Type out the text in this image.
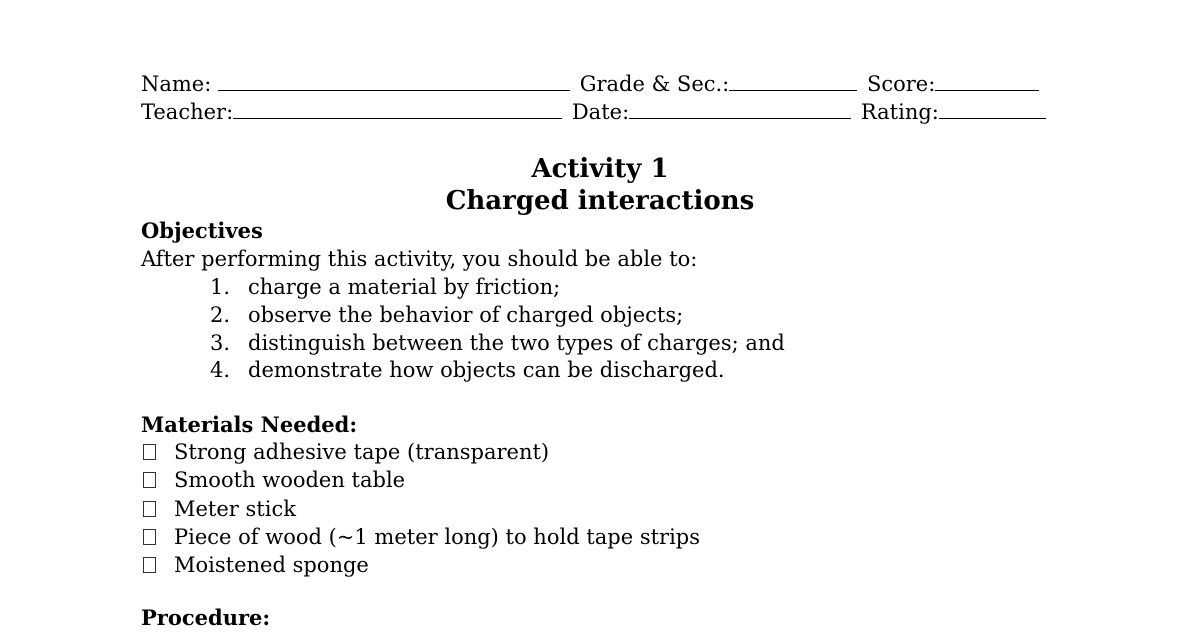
Name:	Grade & Sec.:	Score:
Teacher:	Date:	Rating:
Activity 1
Charged interactions
Objectives
After performing this activity, you should be able to:
1. charge a material by friction;
2. observe the behavior of charged objects;
3. distinguish between the two types of charges; and
4. demonstrate how objects can be discharged.
Materials Needed:
Strong adhesive tape (transparent)
Smooth wooden table
Meter stick
Piece of wood (~1 meter long) to hold tape strips
Moistened sponge
Procedure:
